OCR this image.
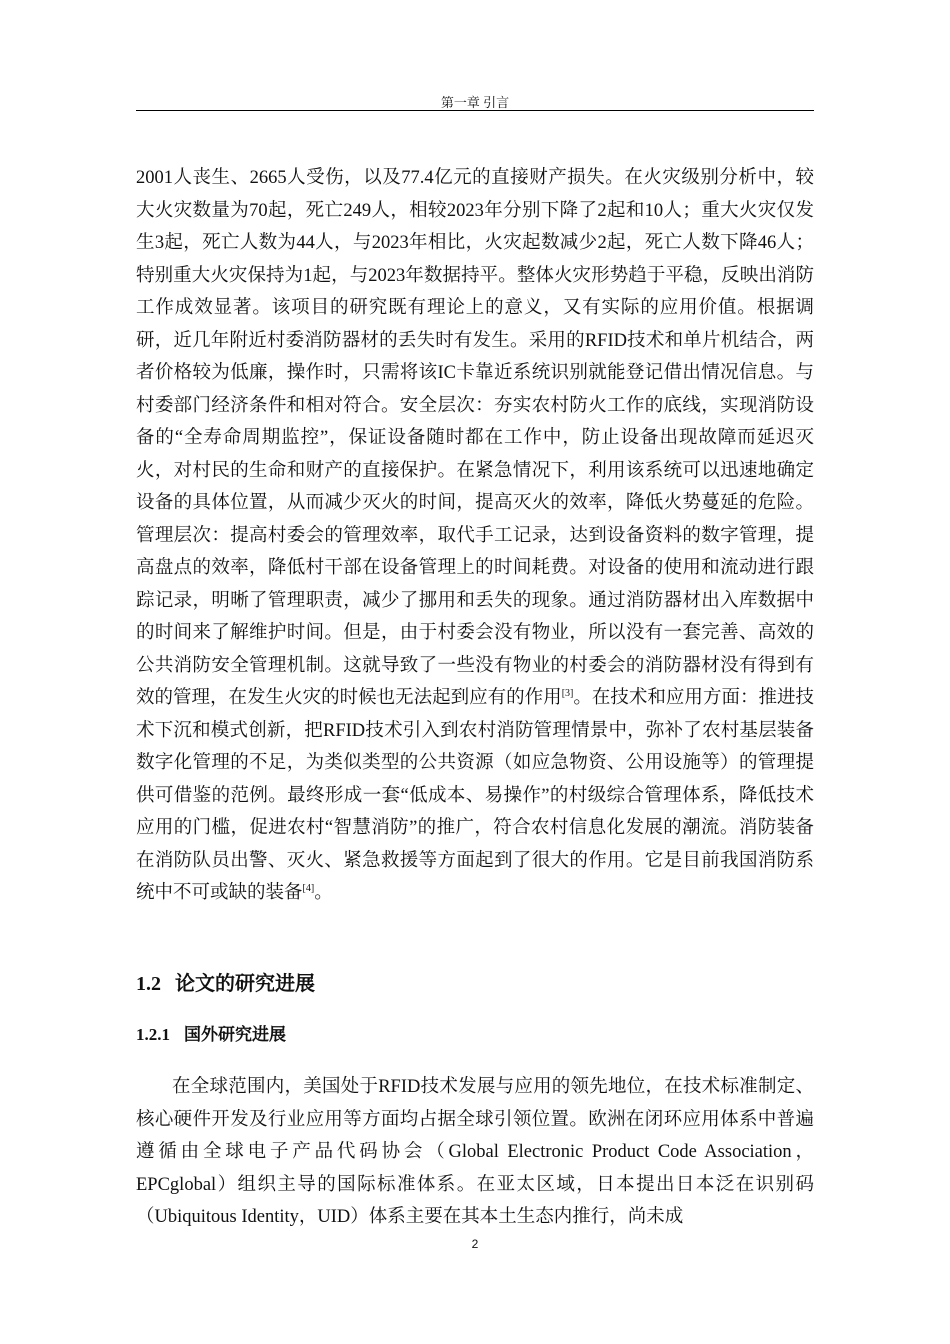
第一章 引言

2001人丧生、2665人受伤，以及77.4亿元的直接财产损失。在火灾级别分析中，较大火灾数量为70起，死亡249人，相较2023年分别下降了2起和10人；重大火灾仅发生3起，死亡人数为44人，与2023年相比，火灾起数减少2起，死亡人数下降46人；特别重大火灾保持为1起，与2023年数据持平。整体火灾形势趋于平稳，反映出消防工作成效显著。该项目的研究既有理论上的意义，又有实际的应用价值。根据调研，近几年附近村委消防器材的丢失时有发生。采用的RFID技术和单片机结合，两者价格较为低廉，操作时，只需将该IC卡靠近系统识别就能登记借出情况信息。与村委部门经济条件和相对符合。安全层次：夯实农村防火工作的底线，实现消防设备的“全寿命周期监控”，保证设备随时都在工作中，防止设备出现故障而延迟灭火，对村民的生命和财产的直接保护。在紧急情况下，利用该系统可以迅速地确定设备的具体位置，从而减少灭火的时间，提高灭火的效率，降低火势蔓延的危险。管理层次：提高村委会的管理效率，取代手工记录，达到设备资料的数字管理，提高盘点的效率，降低村干部在设备管理上的时间耗费。对设备的使用和流动进行跟踪记录，明晰了管理职责，减少了挪用和丢失的现象。通过消防器材出入库数据中的时间来了解维护时间。但是，由于村委会没有物业，所以没有一套完善、高效的公共消防安全管理机制。这就导致了一些没有物业的村委会的消防器材没有得到有效的管理，在发生火灾的时候也无法起到应有的作用[3]。在技术和应用方面：推进技术下沉和模式创新，把RFID技术引入到农村消防管理情景中，弥补了农村基层装备数字化管理的不足，为类似类型的公共资源（如应急物资、公用设施等）的管理提供可借鉴的范例。最终形成一套“低成本、易操作”的村级综合管理体系，降低技术应用的门槛，促进农村“智慧消防”的推广，符合农村信息化发展的潮流。消防装备在消防队员出警、灭火、紧急救援等方面起到了很大的作用。它是目前我国消防系统中不可或缺的装备[4]。

1.2 论文的研究进展
1.2.1 国外研究进展

在全球范围内，美国处于RFID技术发展与应用的领先地位，在技术标准制定、核心硬件开发及行业应用等方面均占据全球引领位置。欧洲在闭环应用体系中普遍遵循由全球电子产品代码协会（Global Electronic Product Code Association，EPCglobal）组织主导的国际标准体系。在亚太区域，日本提出日本泛在识别码（Ubiquitous Identity，UID）体系主要在其本土生态内推行，尚未成

2
